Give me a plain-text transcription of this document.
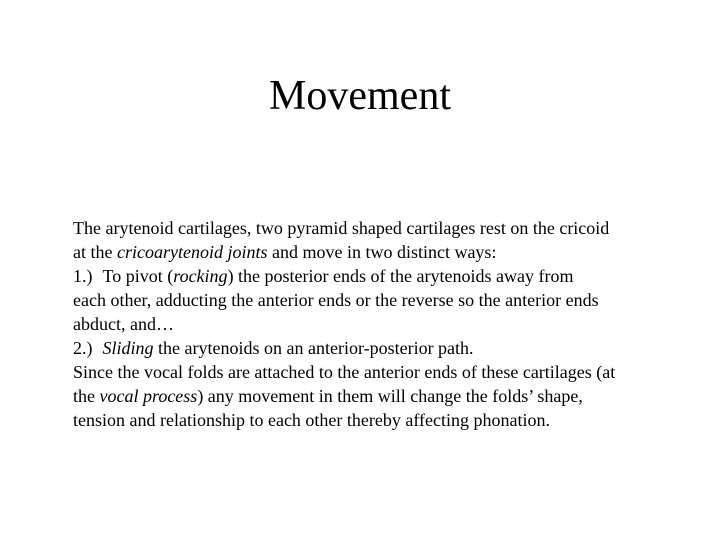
Movement
The arytenoid cartilages, two pyramid shaped cartilages rest on the cricoid
at the cricoarytenoid joints and move in two distinct ways:
1.) To pivot (rocking) the posterior ends of the arytenoids away from
each other, adducting the anterior ends or the reverse so the anterior ends
abduct, and…
2.) Sliding the arytenoids on an anterior-posterior path.
Since the vocal folds are attached to the anterior ends of these cartilages (at
the vocal process) any movement in them will change the folds’ shape,
tension and relationship to each other thereby affecting phonation.
